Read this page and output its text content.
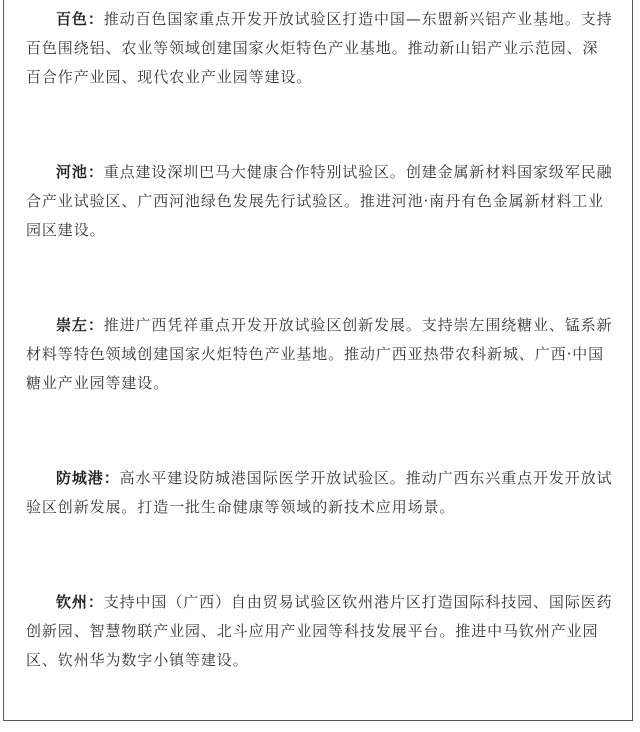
百色：推动百色国家重点开发开放试验区打造中国—东盟新兴铝产业基地。支持百色围绕铝、农业等领域创建国家火炬特色产业基地。推动新山铝产业示范园、深百合作产业园、现代农业产业园等建设。

河池：重点建设深圳巴马大健康合作特别试验区。创建金属新材料国家级军民融合产业试验区、广西河池绿色发展先行试验区。推进河池·南丹有色金属新材料工业园区建设。

崇左：推进广西凭祥重点开发开放试验区创新发展。支持崇左围绕糖业、锰系新材料等特色领域创建国家火炬特色产业基地。推动广西亚热带农科新城、广西·中国糖业产业园等建设。

防城港：高水平建设防城港国际医学开放试验区。推动广西东兴重点开发开放试验区创新发展。打造一批生命健康等领域的新技术应用场景。

钦州：支持中国（广西）自由贸易试验区钦州港片区打造国际科技园、国际医药创新园、智慧物联产业园、北斗应用产业园等科技发展平台。推进中马钦州产业园区、钦州华为数字小镇等建设。
